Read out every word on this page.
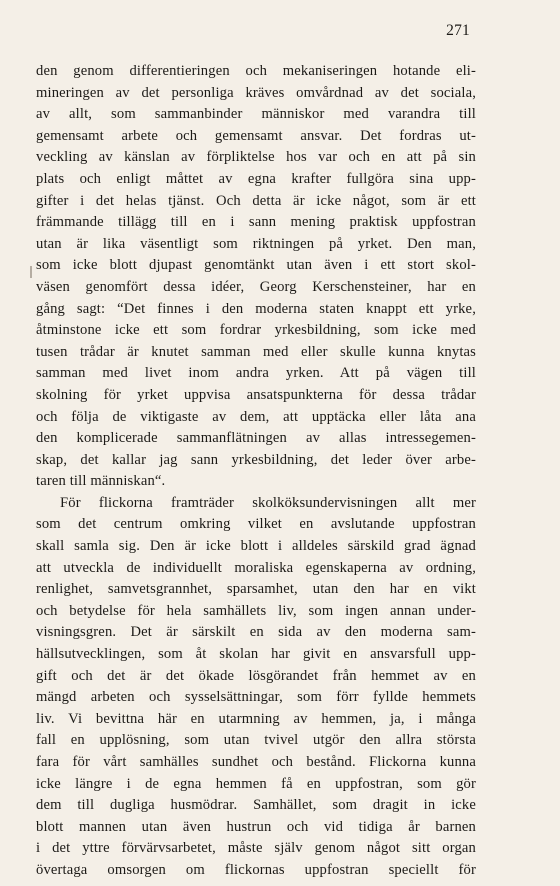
271
den genom differentieringen och mekaniseringen hotande eli-
mineringen av det personliga kräves omvårdnad av det sociala,
av allt, som sammanbinder människor med varandra till
gemensamt arbete och gemensamt ansvar. Det fordras ut-
veckling av känslan av förpliktelse hos var och en att på sin
plats och enligt måttet av egna krafter fullgöra sina upp-
gifter i det helas tjänst. Och detta är icke något, som är ett
främmande tillägg till en i sann mening praktisk uppfostran
utan är lika väsentligt som riktningen på yrket. Den man,
som icke blott djupast genomtänkt utan även i ett stort skol-
väsen genomfört dessa idéer, Georg Kerschensteiner, har en
gång sagt: “Det finnes i den moderna staten knappt ett yrke,
åtminstone icke ett som fordrar yrkesbildning, som icke med
tusen trådar är knutet samman med eller skulle kunna knytas
samman med livet inom andra yrken. Att på vägen till
skolning för yrket uppvisa ansatspunkterna för dessa trådar
och följa de viktigaste av dem, att upptäcka eller låta ana
den komplicerade sammanflätningen av allas intressegemen-
skap, det kallar jag sann yrkesbildning, det leder över arbe-
taren till människan“.
För flickorna framträder skolköksundervisningen allt mer
som det centrum omkring vilket en avslutande uppfostran
skall samla sig. Den är icke blott i alldeles särskild grad ägnad
att utveckla de individuellt moraliska egenskaperna av ordning,
renlighet, samvetsgrannhet, sparsamhet, utan den har en vikt
och betydelse för hela samhällets liv, som ingen annan under-
visningsgren. Det är särskilt en sida av den moderna sam-
hällsutvecklingen, som åt skolan har givit en ansvarsfull upp-
gift och det är det ökade lösgörandet från hemmet av en
mängd arbeten och sysselsättningar, som förr fyllde hemmets
liv. Vi bevittna här en utarmning av hemmen, ja, i många
fall en upplösning, som utan tvivel utgör den allra största
fara för vårt samhälles sundhet och bestånd. Flickorna kunna
icke längre i de egna hemmen få en uppfostran, som gör
dem till dugliga husmödrar. Samhället, som dragit in icke
blott mannen utan även hustrun och vid tidiga år barnen
i det yttre förvärvsarbetet, måste själv genom något sitt organ
övertaga omsorgen om flickornas uppfostran speciellt för
